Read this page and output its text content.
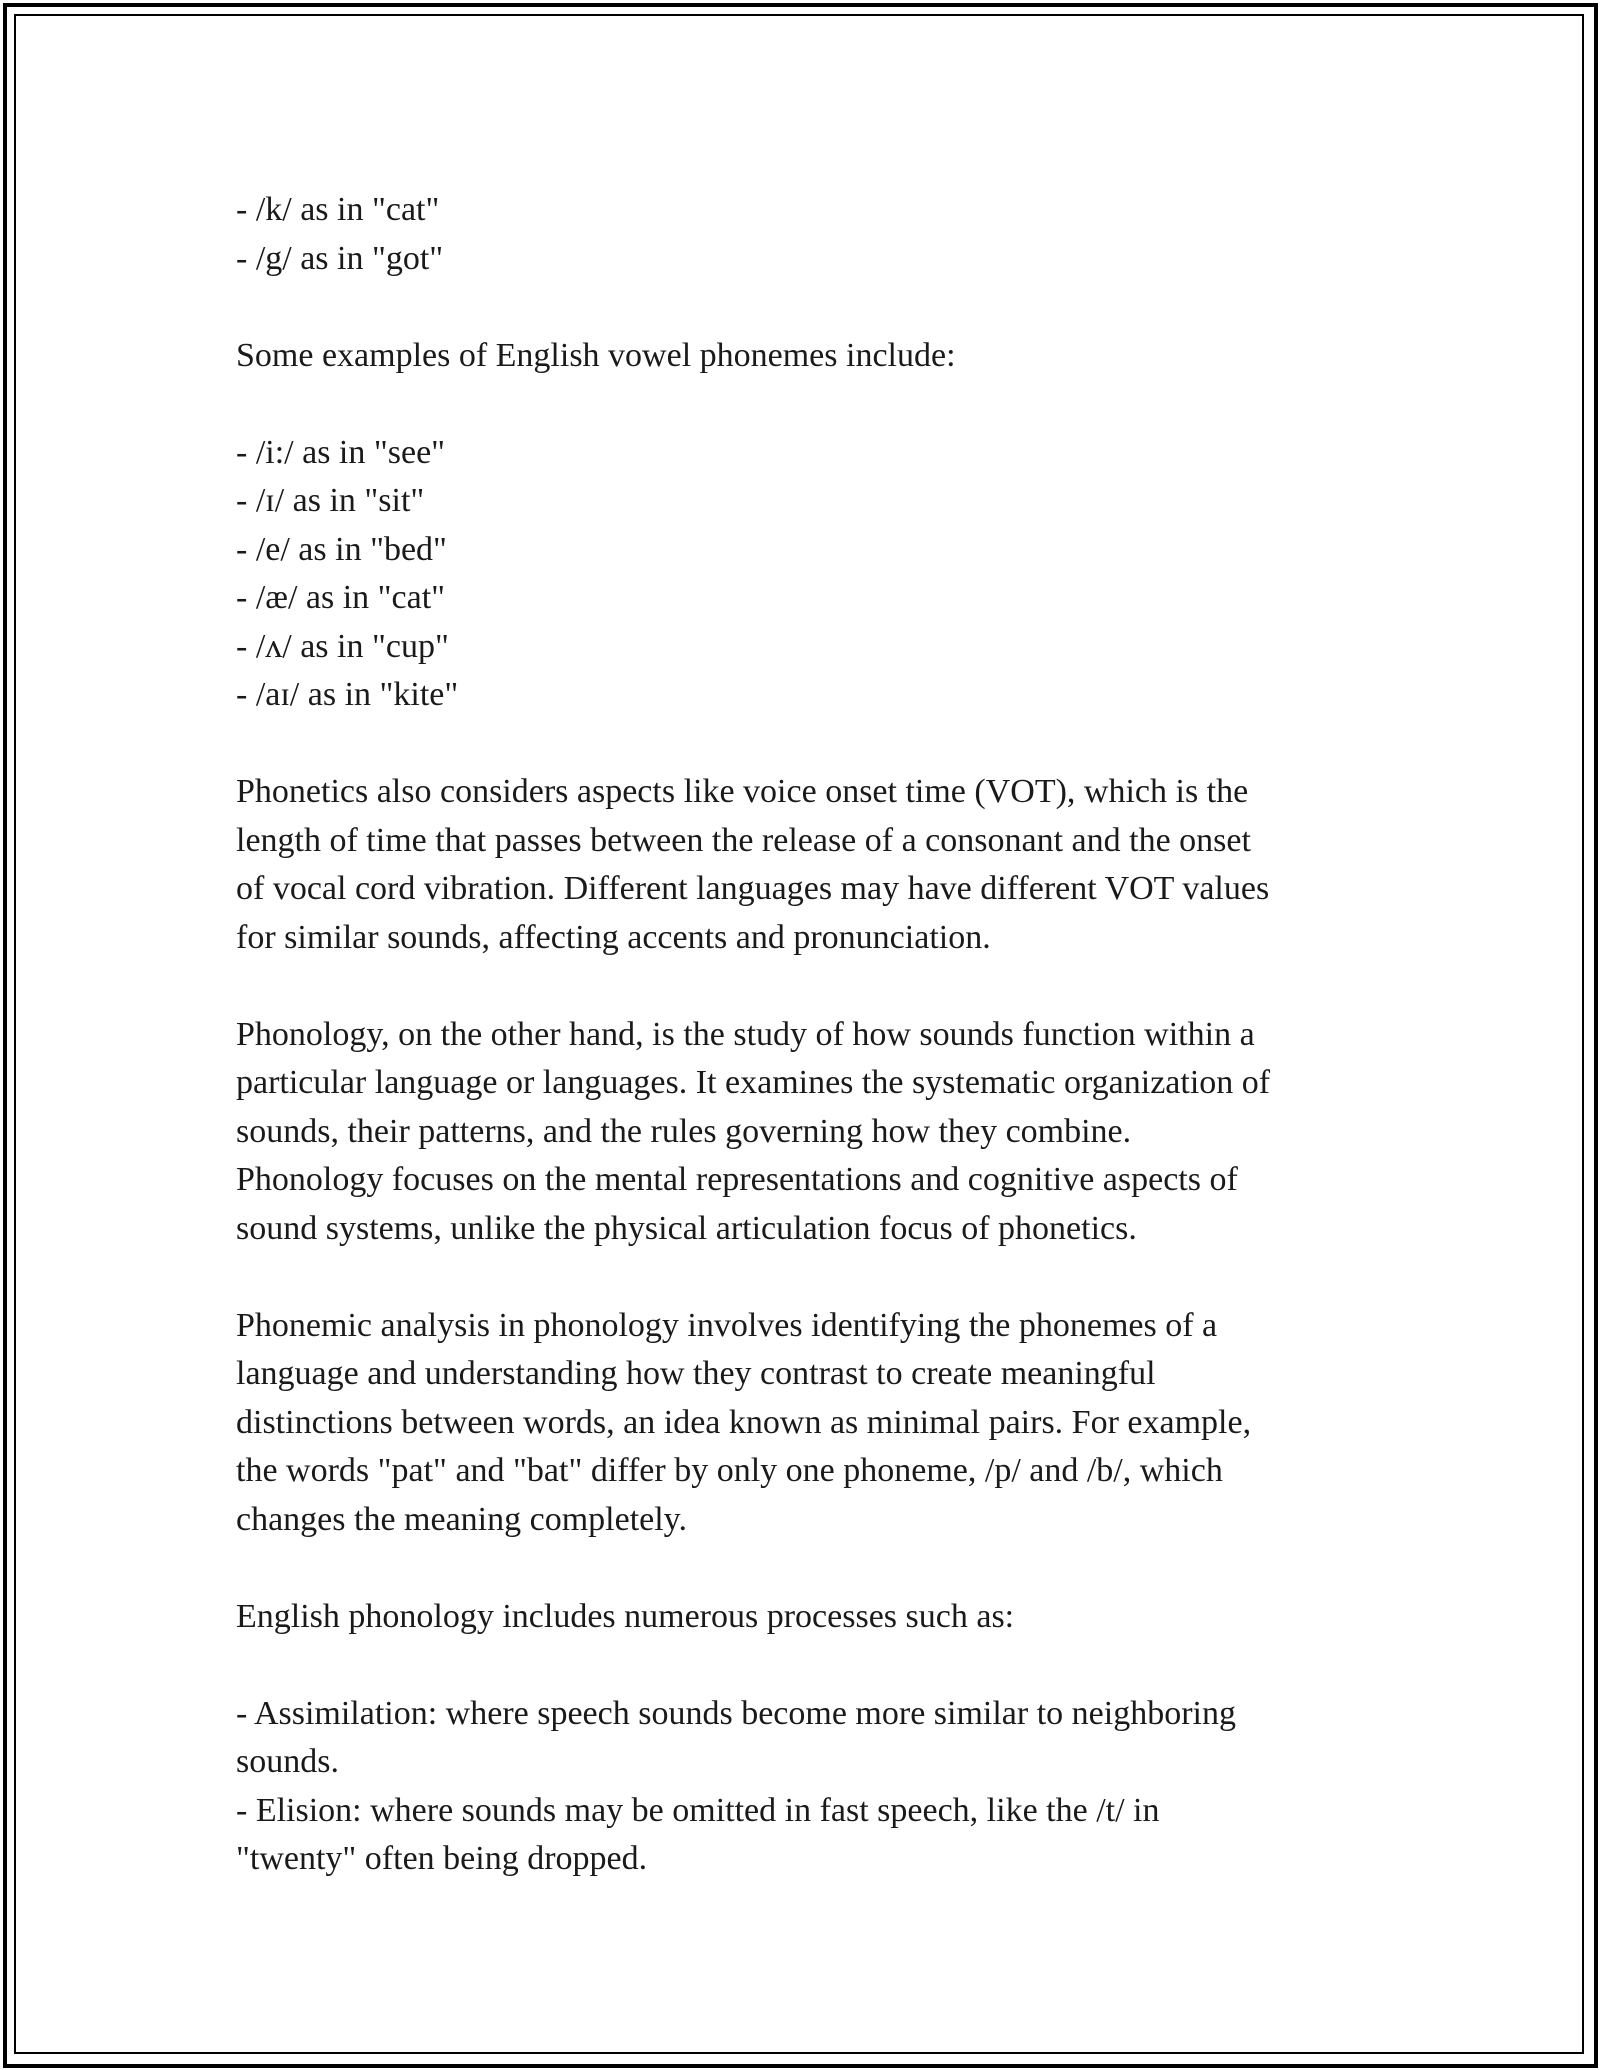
- /k/ as in "cat"

- /g/ as in "got"

Some examples of English vowel phonemes include:

- /i:/ as in "see"

- /ɪ/ as in "sit"

- /e/ as in "bed"

- /æ/ as in "cat"

- /ʌ/ as in "cup"

- /aɪ/ as in "kite"

Phonetics also considers aspects like voice onset time (VOT), which is the

length of time that passes between the release of a consonant and the onset

of vocal cord vibration. Different languages may have different VOT values

for similar sounds, affecting accents and pronunciation.

Phonology, on the other hand, is the study of how sounds function within a

particular language or languages. It examines the systematic organization of

sounds, their patterns, and the rules governing how they combine.

Phonology focuses on the mental representations and cognitive aspects of

sound systems, unlike the physical articulation focus of phonetics.

Phonemic analysis in phonology involves identifying the phonemes of a

language and understanding how they contrast to create meaningful

distinctions between words, an idea known as minimal pairs. For example,

the words "pat" and "bat" differ by only one phoneme, /p/ and /b/, which

changes the meaning completely.

English phonology includes numerous processes such as:

- Assimilation: where speech sounds become more similar to neighboring

sounds.

- Elision: where sounds may be omitted in fast speech, like the /t/ in

"twenty" often being dropped.
